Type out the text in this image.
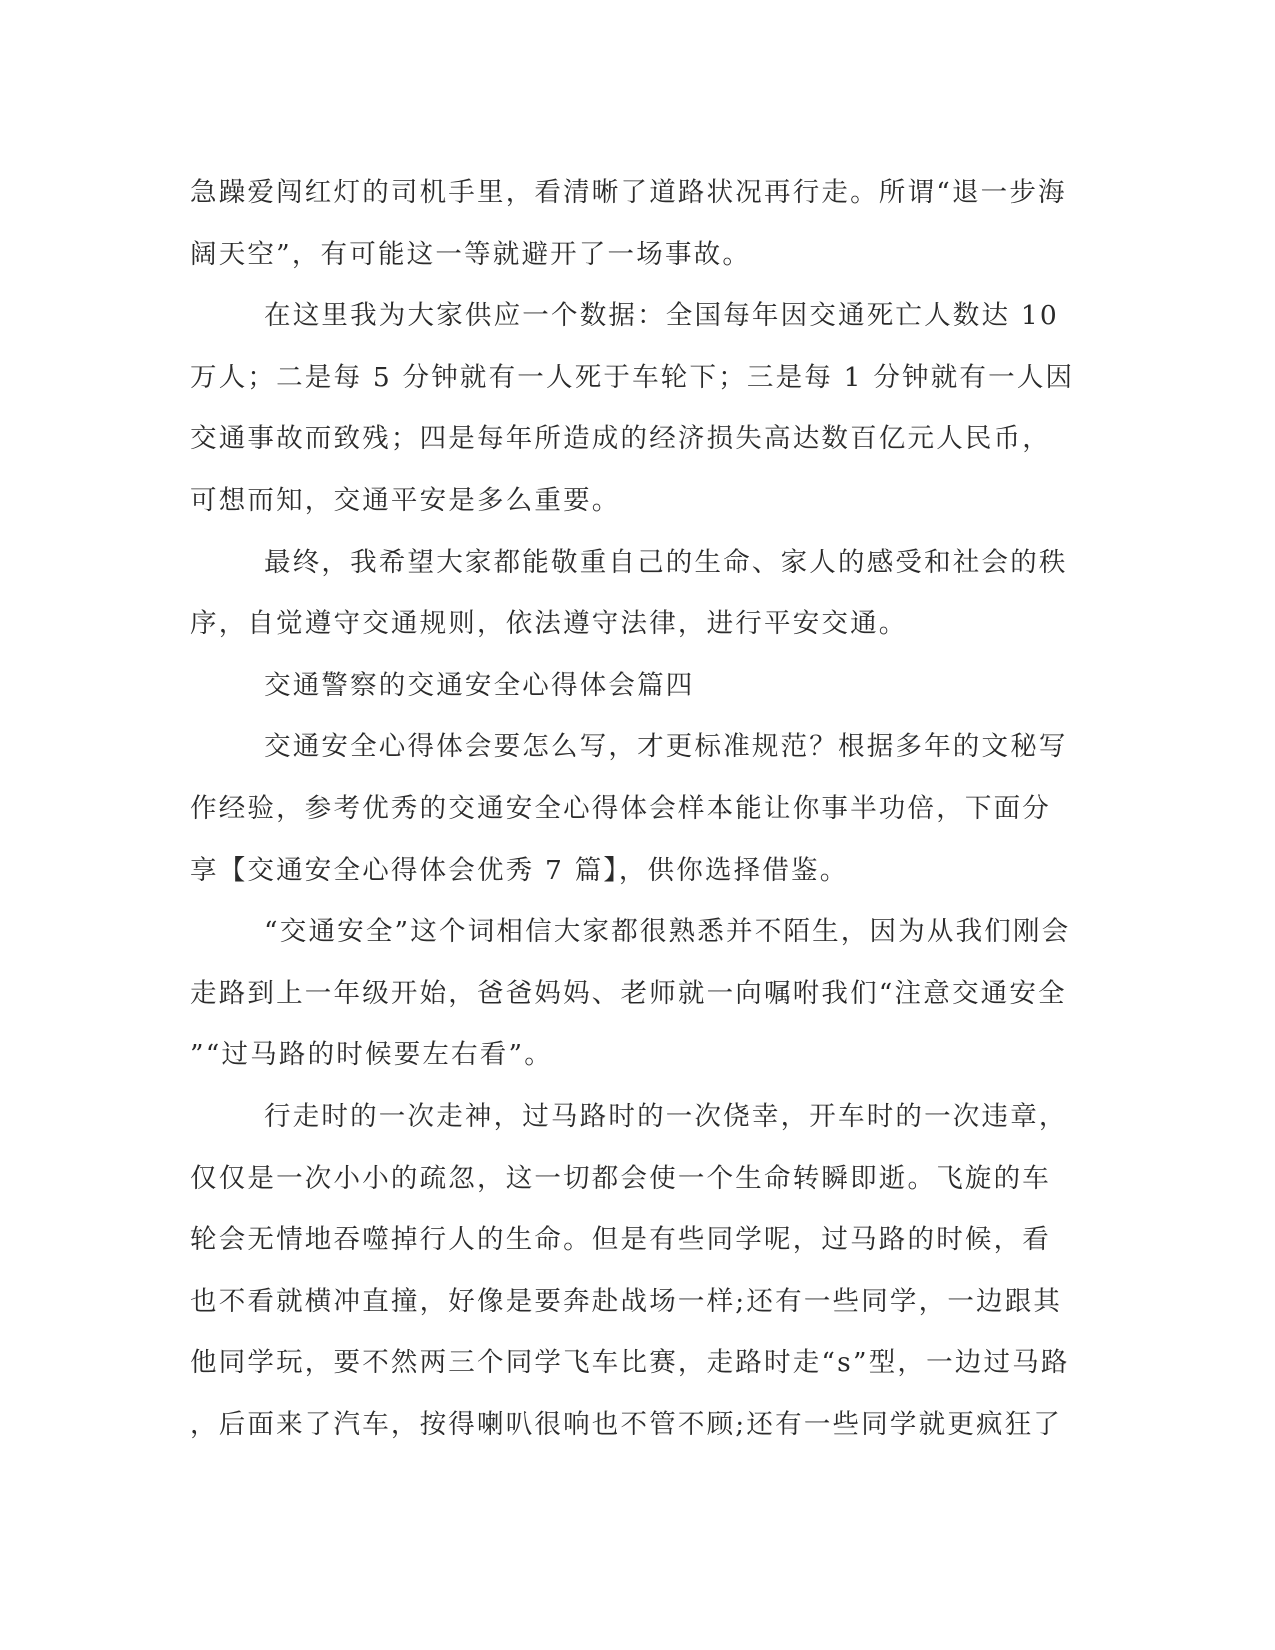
急躁爱闯红灯的司机手里，看清晰了道路状况再行走。所谓“退一步海
阔天空”，有可能这一等就避开了一场事故。
在这里我为大家供应一个数据：全国每年因交通死亡人数达 10
万人；二是每 5 分钟就有一人死于车轮下；三是每 1 分钟就有一人因
交通事故而致残；四是每年所造成的经济损失高达数百亿元人民币，
可想而知，交通平安是多么重要。
最终，我希望大家都能敬重自己的生命、家人的感受和社会的秩
序，自觉遵守交通规则，依法遵守法律，进行平安交通。
交通警察的交通安全心得体会篇四
交通安全心得体会要怎么写，才更标准规范？根据多年的文秘写
作经验，参考优秀的交通安全心得体会样本能让你事半功倍，下面分
享【交通安全心得体会优秀 7 篇】，供你选择借鉴。
“交通安全”这个词相信大家都很熟悉并不陌生，因为从我们刚会
走路到上一年级开始，爸爸妈妈、老师就一向嘱咐我们“注意交通安全
”“过马路的时候要左右看”。
行走时的一次走神，过马路时的一次侥幸，开车时的一次违章，
仅仅是一次小小的疏忽，这一切都会使一个生命转瞬即逝。飞旋的车
轮会无情地吞噬掉行人的生命。但是有些同学呢，过马路的时候，看
也不看就横冲直撞，好像是要奔赴战场一样;还有一些同学，一边跟其
他同学玩，要不然两三个同学飞车比赛，走路时走“s”型，一边过马路
，后面来了汽车，按得喇叭很响也不管不顾;还有一些同学就更疯狂了
